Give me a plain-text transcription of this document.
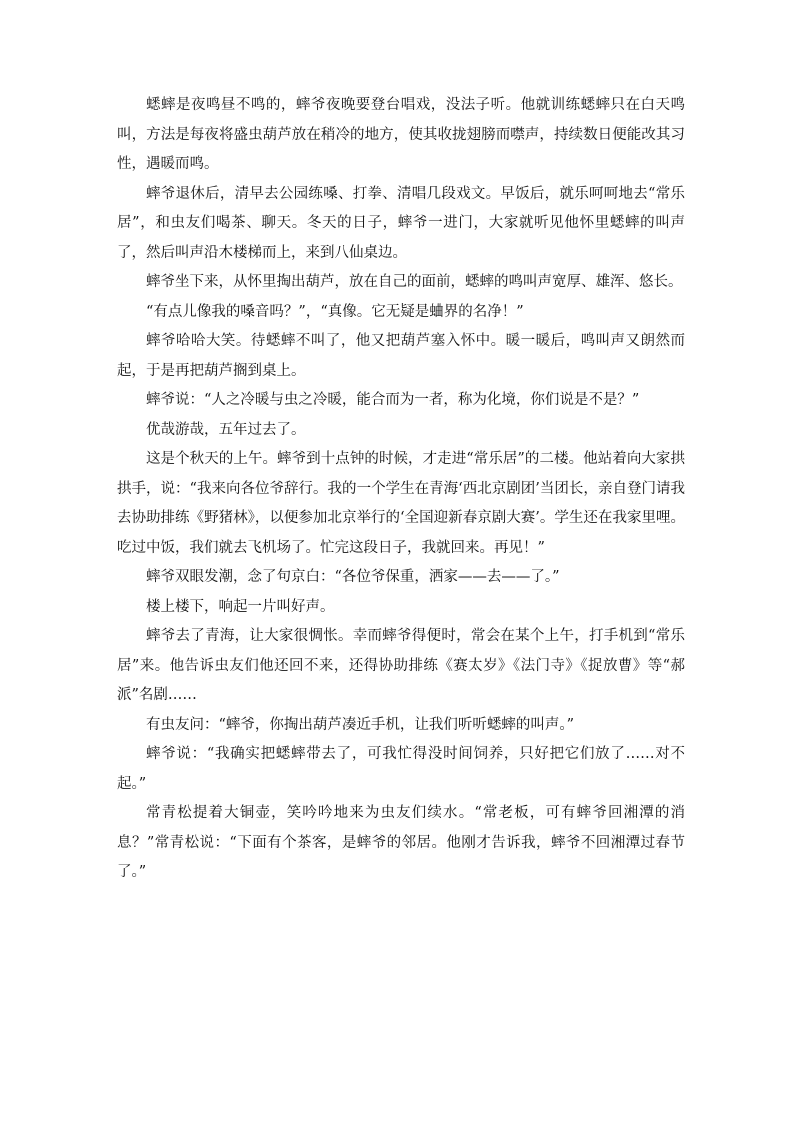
蟋蟀是夜鸣昼不鸣的，蟀爷夜晚要登台唱戏，没法子听。他就训练蟋蟀只在白天鸣叫，方法是每夜将盛虫葫芦放在稍冷的地方，使其收拢翅膀而噤声，持续数日便能改其习性，遇暖而鸣。

蟀爷退休后，清早去公园练嗓、打拳、清唱几段戏文。早饭后，就乐呵呵地去“常乐居”，和虫友们喝茶、聊天。冬天的日子，蟀爷一进门，大家就听见他怀里蟋蟀的叫声了，然后叫声沿木楼梯而上，来到八仙桌边。

蟀爷坐下来，从怀里掏出葫芦，放在自己的面前，蟋蟀的鸣叫声宽厚、雄浑、悠长。

“有点儿像我的嗓音吗？”，“真像。它无疑是蛐界的名净！”

蟀爷哈哈大笑。待蟋蟀不叫了，他又把葫芦塞入怀中。暖一暖后，鸣叫声又朗然而起，于是再把葫芦搁到桌上。

蟀爷说：“人之冷暖与虫之冷暖，能合而为一者，称为化境，你们说是不是？”

优哉游哉，五年过去了。

这是个秋天的上午。蟀爷到十点钟的时候，才走进“常乐居”的二楼。他站着向大家拱拱手，说：“我来向各位爷辞行。我的一个学生在青海‘西北京剧团’当团长，亲自登门请我去协助排练《野猪林》，以便参加北京举行的‘全国迎新春京剧大赛’。学生还在我家里哩。吃过中饭，我们就去飞机场了。忙完这段日子，我就回来。再见！”

蟀爷双眼发潮，念了句京白：“各位爷保重，洒家——去——了。”

楼上楼下，响起一片叫好声。

蟀爷去了青海，让大家很惆怅。幸而蟀爷得便时，常会在某个上午，打手机到“常乐居”来。他告诉虫友们他还回不来，还得协助排练《赛太岁》《法门寺》《捉放曹》等“郝派”名剧……

有虫友问：“蟀爷，你掏出葫芦凑近手机，让我们听听蟋蟀的叫声。”

蟀爷说：“我确实把蟋蟀带去了，可我忙得没时间饲养，只好把它们放了……对不起。”

常青松提着大铜壶，笑吟吟地来为虫友们续水。“常老板，可有蟀爷回湘潭的消息？”常青松说：“下面有个茶客，是蟀爷的邻居。他刚才告诉我，蟀爷不回湘潭过春节了。”
